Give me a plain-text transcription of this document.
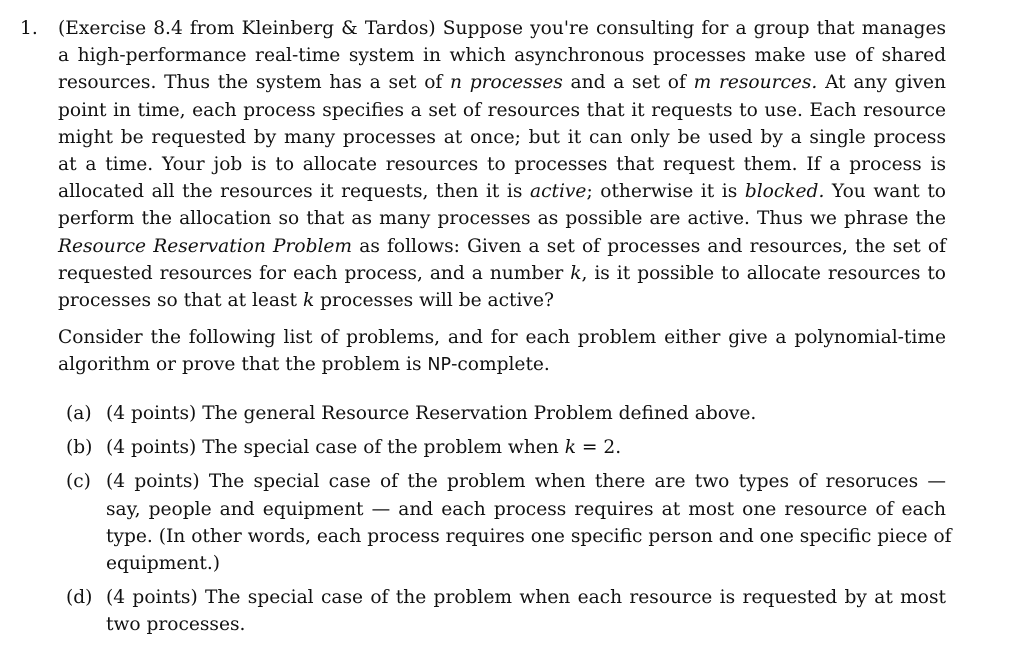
1. (Exercise 8.4 from Kleinberg & Tardos) Suppose you're consulting for a group that manages
a high-performance real-time system in which asynchronous processes make use of shared
resources. Thus the system has a set of n processes and a set of m resources. At any given
point in time, each process specifies a set of resources that it requests to use. Each resource
might be requested by many processes at once; but it can only be used by a single process
at a time. Your job is to allocate resources to processes that request them. If a process is
allocated all the resources it requests, then it is active; otherwise it is blocked. You want to
perform the allocation so that as many processes as possible are active. Thus we phrase the
Resource Reservation Problem as follows: Given a set of processes and resources, the set of
requested resources for each process, and a number k, is it possible to allocate resources to
processes so that at least k processes will be active?
Consider the following list of problems, and for each problem either give a polynomial-time
algorithm or prove that the problem is NP-complete.
(a) (4 points) The general Resource Reservation Problem defined above.
(b) (4 points) The special case of the problem when k = 2.
(c) (4 points) The special case of the problem when there are two types of resoruces —
say, people and equipment — and each process requires at most one resource of each
type. (In other words, each process requires one specific person and one specific piece of
equipment.)
(d) (4 points) The special case of the problem when each resource is requested by at most
two processes.
